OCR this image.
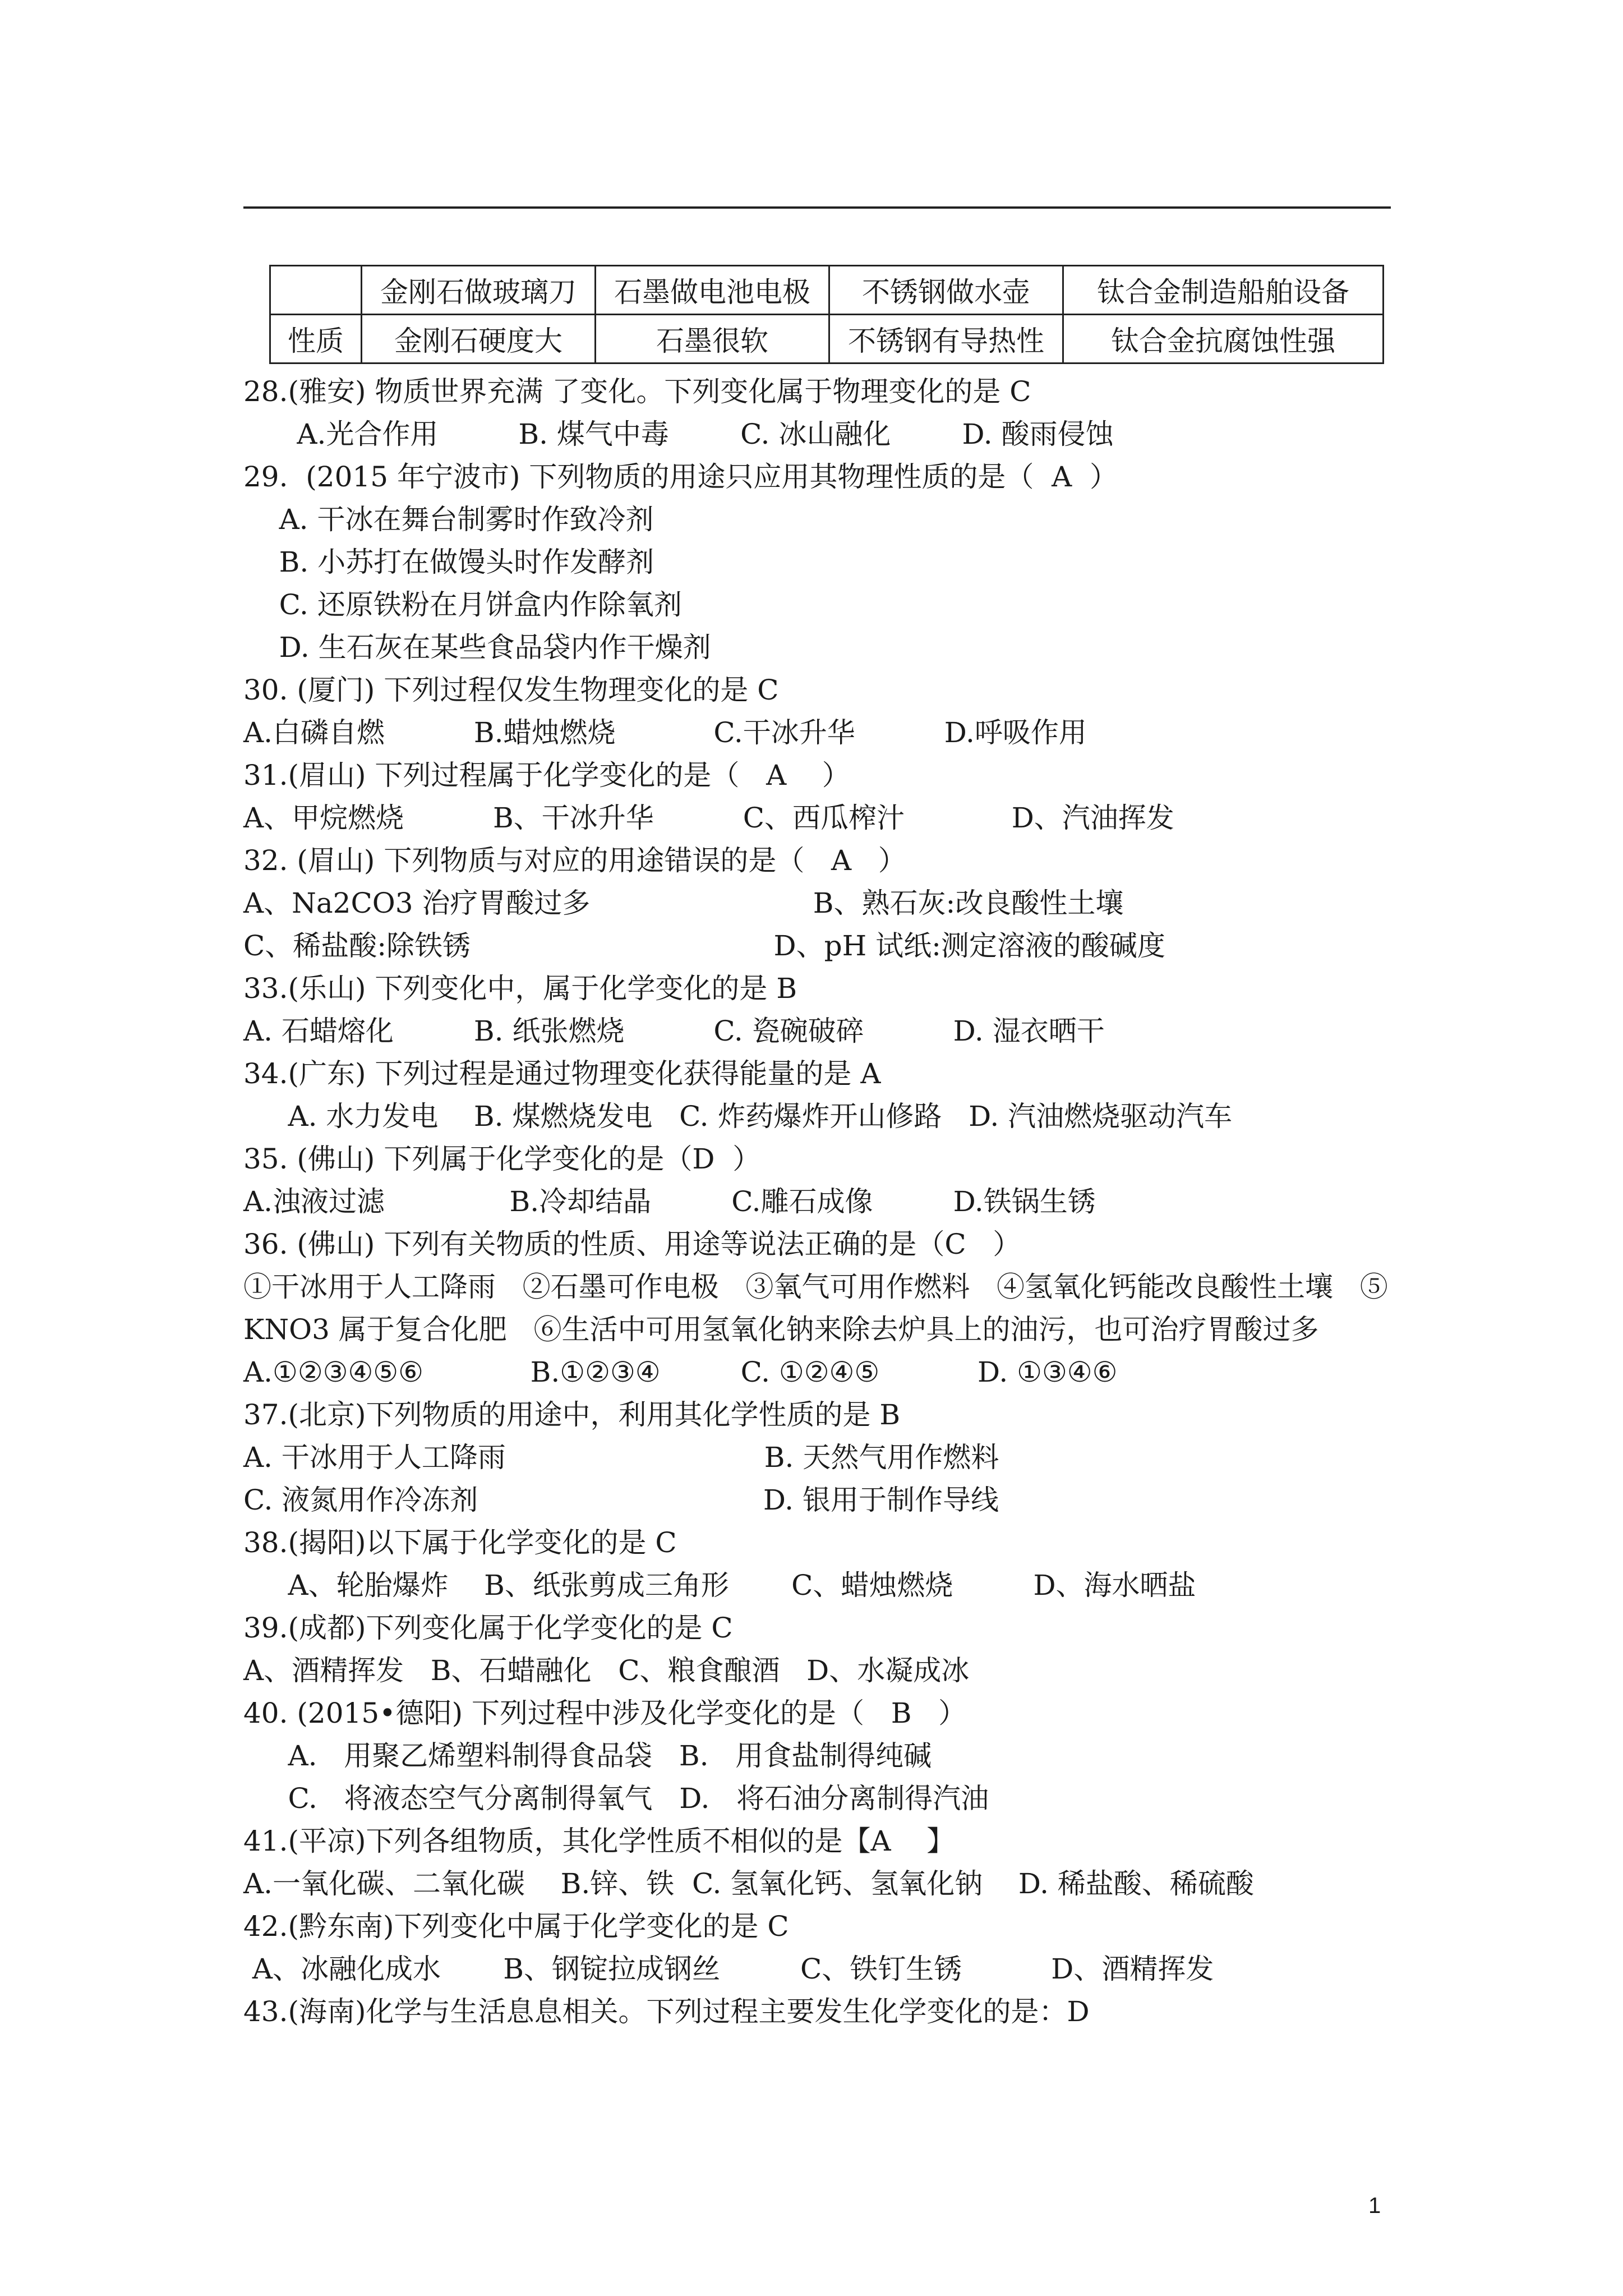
	金刚石做玻璃刀	石墨做电池电极	不锈钢做水壶	钛合金制造船舶设备
性质	金刚石硬度大	石墨很软	不锈钢有导热性	钛合金抗腐蚀性强
28.(雅安) 物质世界充满 了变化。下列变化属于物理变化的是 C
A.光合作用         B. 煤气中毒        C. 冰山融化        D. 酸雨侵蚀
29.  (2015 年宁波市) 下列物质的用途只应用其物理性质的是（  A  ）
A. 干冰在舞台制雾时作致冷剂
B. 小苏打在做馒头时作发酵剂
C. 还原铁粉在月饼盒内作除氧剂
D. 生石灰在某些食品袋内作干燥剂
30. (厦门) 下列过程仅发生物理变化的是 C
A.白磷自燃          B.蜡烛燃烧           C.干冰升华          D.呼吸作用
31.(眉山) 下列过程属于化学变化的是（   A    ）
A、甲烷燃烧          B、干冰升华          C、西瓜榨汁            D、汽油挥发
32. (眉山) 下列物质与对应的用途错误的是（   A   ）
A、Na2CO3 治疗胃酸过多                         B、熟石灰:改良酸性土壤
C、稀盐酸:除铁锈                                  D、pH 试纸:测定溶液的酸碱度
33.(乐山) 下列变化中，属于化学变化的是 B
A. 石蜡熔化         B. 纸张燃烧          C. 瓷碗破碎          D. 湿衣晒干
34.(广东) 下列过程是通过物理变化获得能量的是 A
A. 水力发电    B. 煤燃烧发电   C. 炸药爆炸开山修路   D. 汽油燃烧驱动汽车
35. (佛山) 下列属于化学变化的是（D  ）
A.浊液过滤              B.冷却结晶         C.雕石成像         D.铁锅生锈
36. (佛山) 下列有关物质的性质、用途等说法正确的是（C   ）
①干冰用于人工降雨   ②石墨可作电极   ③氧气可用作燃料   ④氢氧化钙能改良酸性土壤   ⑤
KNO3 属于复合化肥   ⑥生活中可用氢氧化钠来除去炉具上的油污，也可治疗胃酸过多
A.①②③④⑤⑥            B.①②③④         C. ①②④⑤           D. ①③④⑥
37.(北京)下列物质的用途中，利用其化学性质的是 B
A. 干冰用于人工降雨                             B. 天然气用作燃料
C. 液氮用作冷冻剂                                D. 银用于制作导线
38.(揭阳)以下属于化学变化的是 C
A、轮胎爆炸    B、纸张剪成三角形       C、蜡烛燃烧         D、海水晒盐
39.(成都)下列变化属于化学变化的是 C
A、酒精挥发   B、石蜡融化   C、粮食酿酒   D、水凝成冰
40. (2015•德阳) 下列过程中涉及化学变化的是（   B   ）
A.   用聚乙烯塑料制得食品袋   B.   用食盐制得纯碱
C.   将液态空气分离制得氧气   D.   将石油分离制得汽油
41.(平凉)下列各组物质，其化学性质不相似的是【A    】
A.一氧化碳、二氧化碳    B.锌、铁  C. 氢氧化钙、氢氧化钠    D. 稀盐酸、稀硫酸
42.(黔东南)下列变化中属于化学变化的是 C
A、冰融化成水       B、钢锭拉成钢丝         C、铁钉生锈          D、酒精挥发
43.(海南)化学与生活息息相关。下列过程主要发生化学变化的是：D
1
